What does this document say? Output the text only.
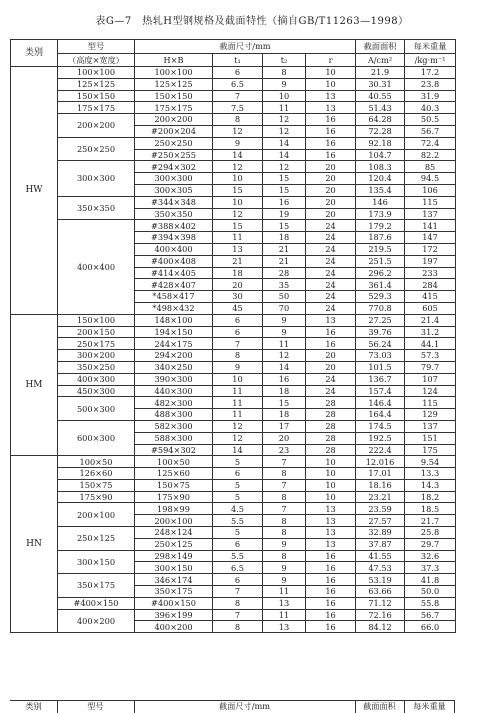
表G—7　热轧H型钢规格及截面特性（摘自GB/T11263—1998）
类别	型号	截面尺寸/mm				截面面积	每米重量
	（高度×宽度）	H×B	t₁	t₂	r	A/cm²	/kg·m⁻¹
HW	100×100	100×100	6	8	10	21.9	17.2
	125×125	125×125	6.5	9	10	30.31	23.8
	150×150	150×150	7	10	13	40.55	31.9
	175×175	175×175	7.5	11	13	51.43	40.3
	200×200	200×200	8	12	16	64.28	50.5
		#200×204	12	12	16	72.28	56.7
	250×250	250×250	9	14	16	92.18	72.4
		#250×255	14	14	16	104.7	82.2
	300×300	#294×302	12	12	20	108.3	85
		300×300	10	15	20	120.4	94.5
		300×305	15	15	20	135.4	106
	350×350	#344×348	10	16	20	146	115
		350×350	12	19	20	173.9	137
	400×400	#388×402	15	15	24	179.2	141
		#394×398	11	18	24	187.6	147
		400×400	13	21	24	219.5	172
		#400×408	21	21	24	251.5	197
		#414×405	18	28	24	296.2	233
		#428×407	20	35	24	361.4	284
		*458×417	30	50	24	529.3	415
		*498×432	45	70	24	770.8	605
HM	150×100	148×100	6	9	13	27.25	21.4
	200×150	194×150	6	9	16	39.76	31.2
	250×175	244×175	7	11	16	56.24	44.1
	300×200	294×200	8	12	20	73.03	57.3
	350×250	340×250	9	14	20	101.5	79.7
	400×300	390×300	10	16	24	136.7	107
	450×300	440×300	11	18	24	157.4	124
	500×300	482×300	11	15	28	146.4	115
		488×300	11	18	28	164.4	129
	600×300	582×300	12	17	28	174.5	137
		588×300	12	20	28	192.5	151
		#594×302	14	23	28	222.4	175
HN	100×50	100×50	5	7	10	12.016	9.54
	126×60	125×60	6	8	10	17.01	13.3
	150×75	150×75	5	7	10	18.16	14.3
	175×90	175×90	5	8	10	23.21	18.2
	200×100	198×99	4.5	7	13	23.59	18.5
		200×100	5.5	8	13	27.57	21.7
	250×125	248×124	5	8	13	32.89	25.8
		250×125	6	9	13	37.87	29.7
	300×150	298×149	5.5	8	16	41.55	32.6
		300×150	6.5	9	16	47.53	37.3
	350×175	346×174	6	9	16	53.19	41.8
		350×175	7	11	16	63.66	50.0
	#400×150	#400×150	8	13	16	71.12	55.8
	400×200	396×199	7	11	16	72.16	56.7
		400×200	8	13	16	84.12	66.0
类别	型号	截面尺寸/mm	截面面积	每米重量
